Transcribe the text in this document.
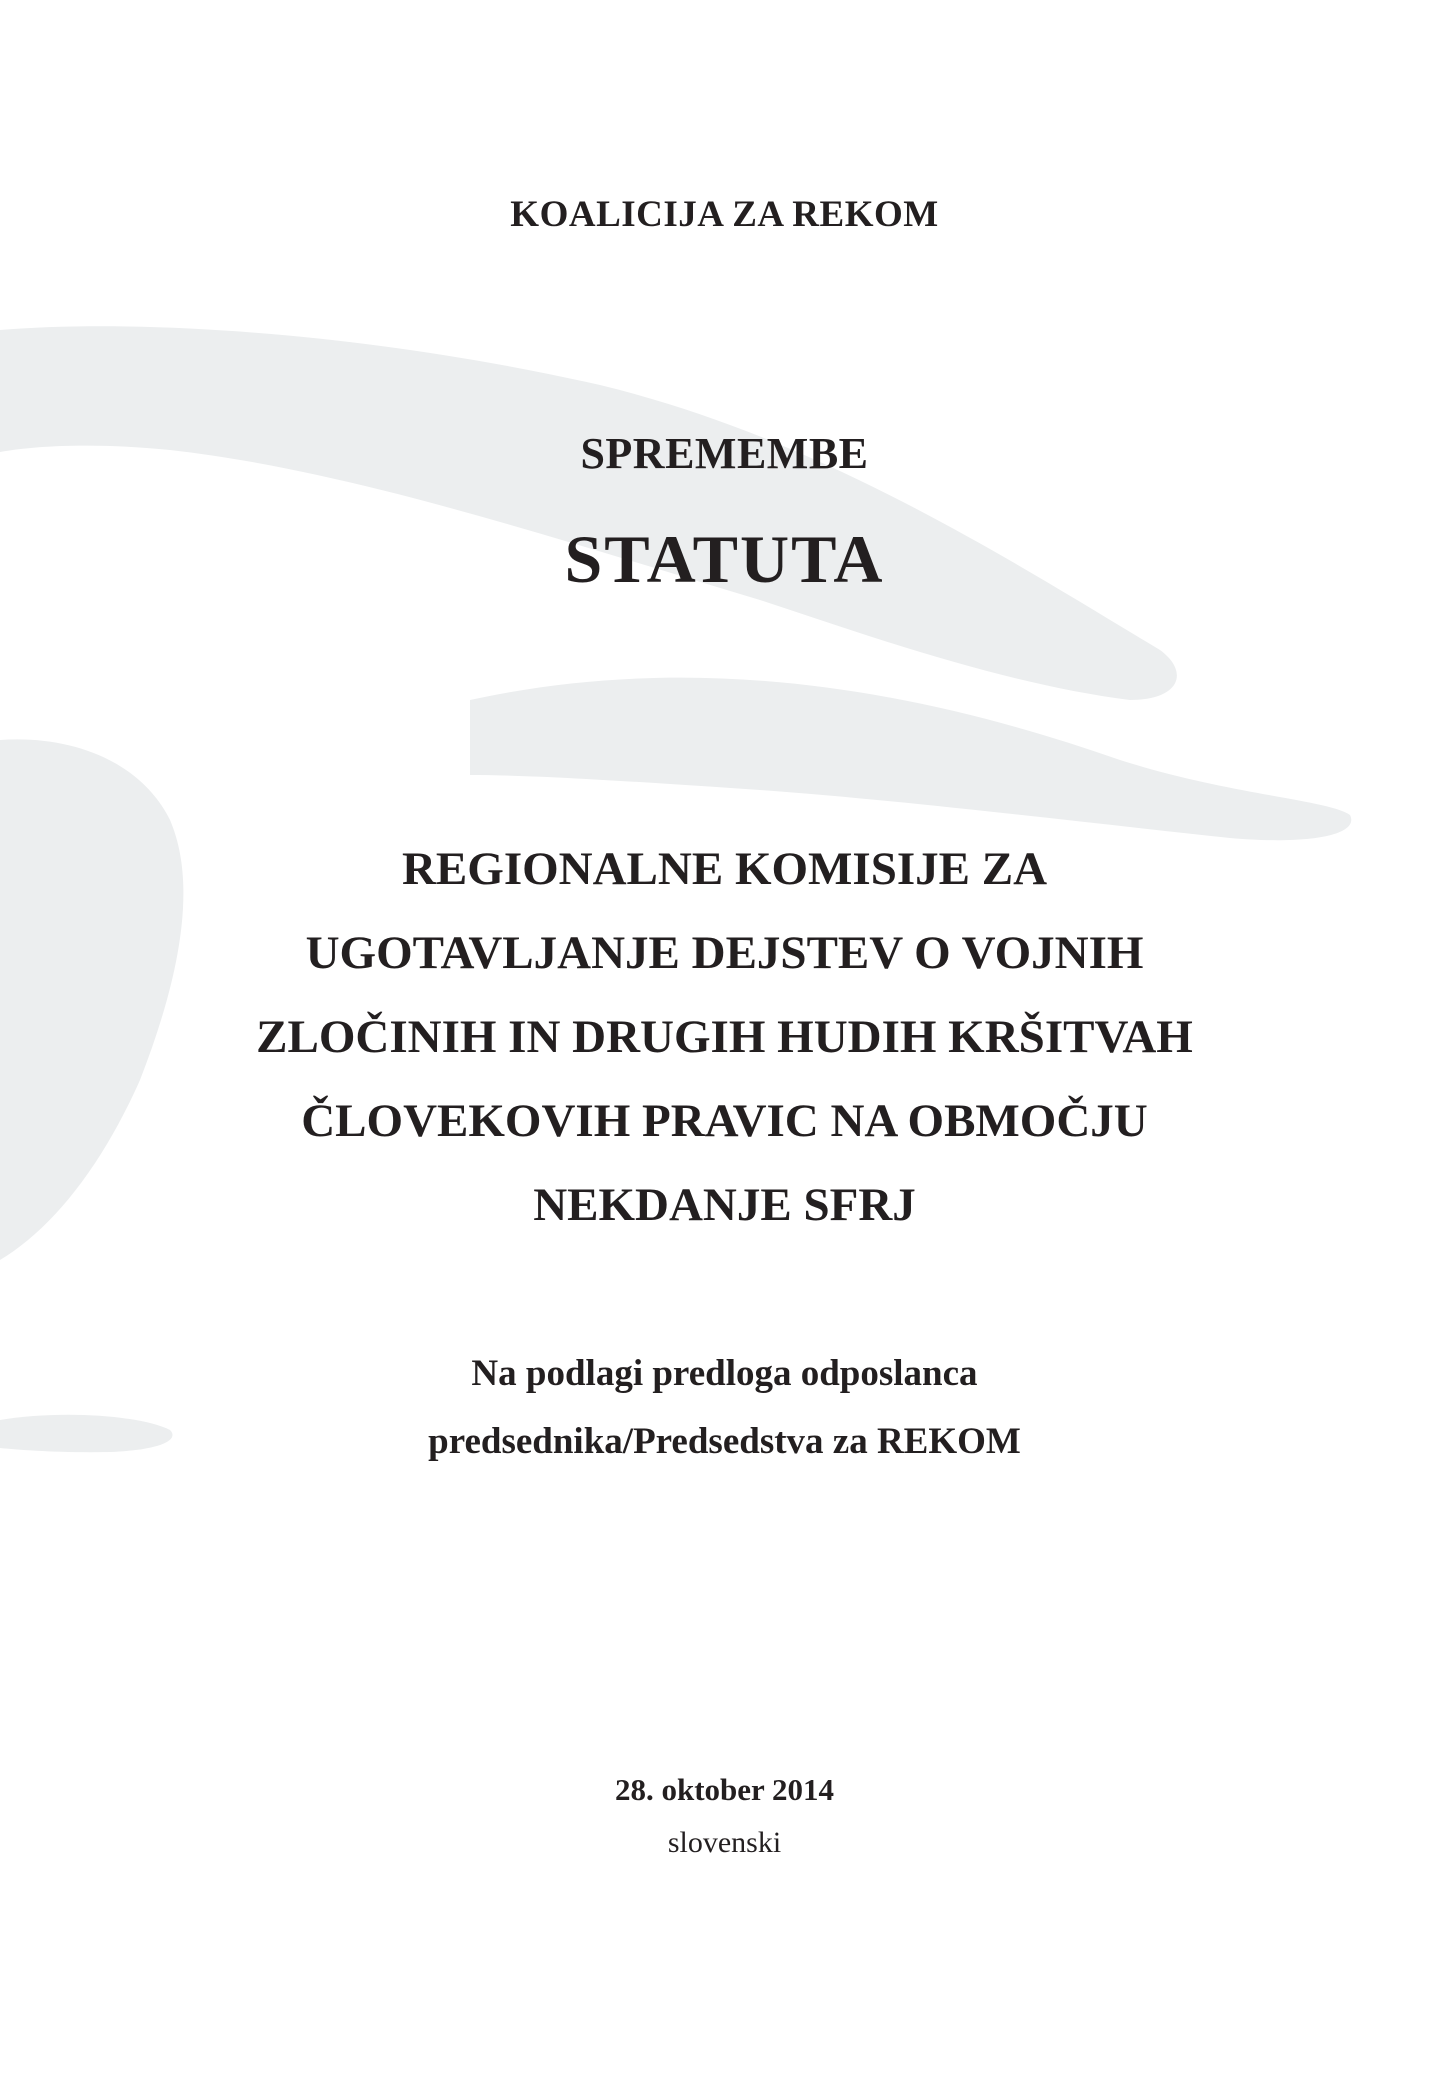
KOALICIJA ZA REKOM
SPREMEMBE
STATUTA
REGIONALNE KOMISIJE ZA
UGOTAVLJANJE DEJSTEV O VOJNIH
ZLOČINIH IN DRUGIH HUDIH KRŠITVAH
ČLOVEKOVIH PRAVIC NA OBMOČJU
NEKDANJE SFRJ
Na podlagi predloga odposlanca
predsednika/Predsedstva za REKOM
28. oktober 2014
slovenski
